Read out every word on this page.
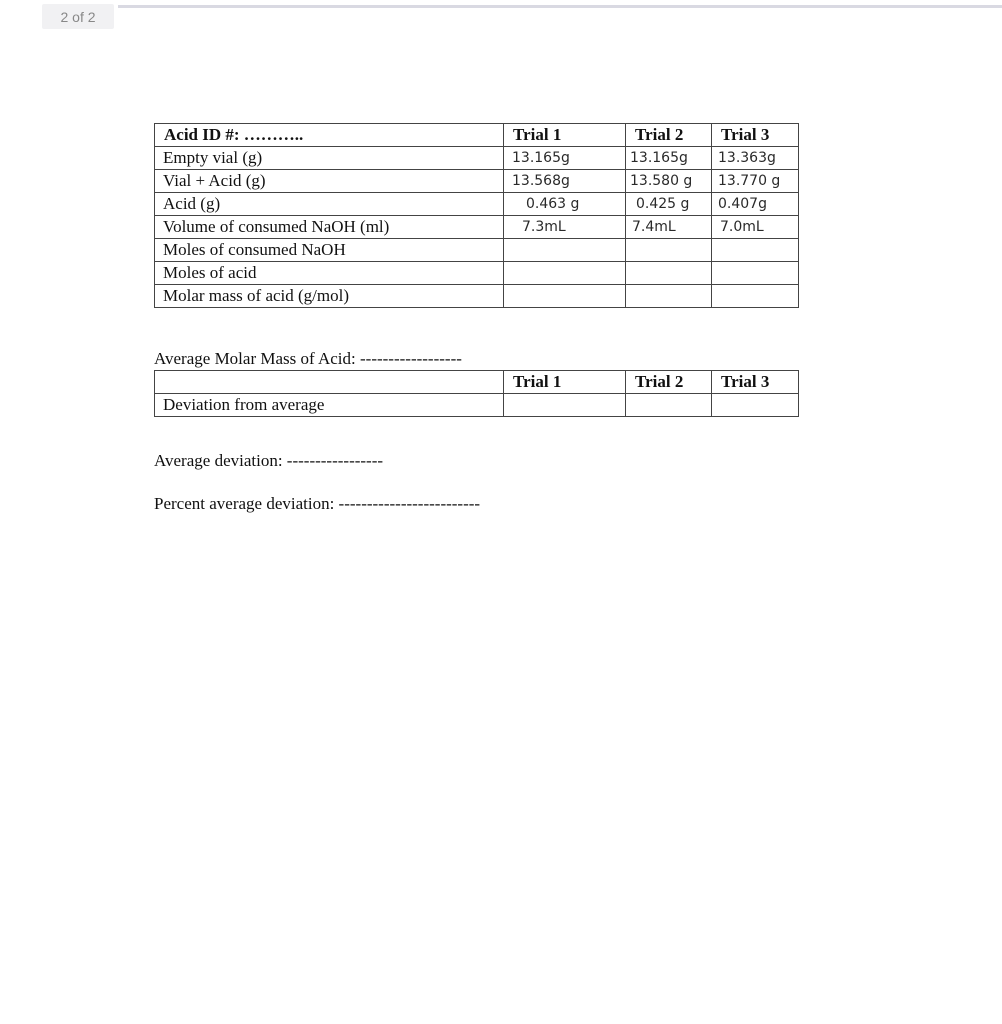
2 of 2
Acid ID #: ………..	Trial 1	Trial 2	Trial 3
Empty vial (g)	13.165g	13.165g	13.363g
Vial + Acid (g)	13.568g	13.580 g	13.770 g
Acid (g)	0.463 g	0.425 g	0.407g
Volume of consumed NaOH (ml)	7.3mL	7.4mL	7.0mL
Moles of consumed NaOH			
Moles of acid			
Molar mass of acid (g/mol)			
Average Molar Mass of Acid: ------------------
	Trial 1	Trial 2	Trial 3
Deviation from average			
Average deviation: -----------------
Percent average deviation: -------------------------
